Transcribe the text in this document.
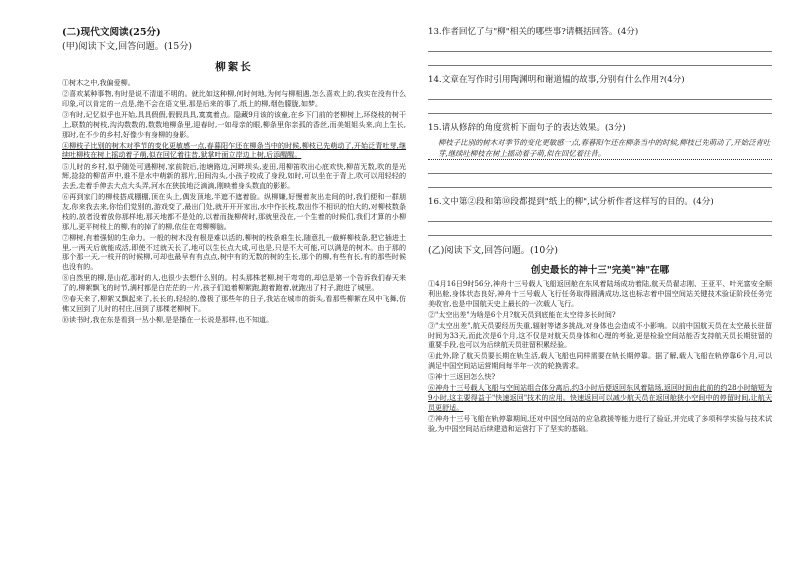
(二)现代文阅读(25分)

(甲)阅读下文,回答问题。(15分)

柳絮长

①树木之中,我偏爱柳。

②喜欢某种事物,有时是说不清道不明的。就比如这种柳,何时何地,为何与柳相遇,怎么喜欢上的,我实在没有什么印象,可以肯定的一点是,绝不会在语文里,那是后来的事了,纸上的柳,烟色朦胧,如梦。

③有时,记忆似乎也开始,具具假假,假假具具,寞寞着点。隐藏9月该的该童,在乡下门前的老柳树上,环绕枝的树干上,联数的树枝,沟沟数数的,数数地柳条里,迎春时,一如母亲的眼,柳条里你亲孤的香丝,而美姐姐头来,向上生长,那时,在不少的乡村,好像少有身柳的身影。

④柳枝子比别的树木对季节的变化更敏感一点,春暮阳乍还在柳条当中的时候,柳枝已先萌动了,开始泛青吐芽,继续吐柳枝在树上摇动着子萌,似在回忆着往昔,狱掌叶面立岸边上树,后添醒醒。

⑤儿时的乡村,似乎随处可遇柳树,家前院后,池塘路边,河畔坝头,麦田,用柳笛吹出心底欢快,柳苗无数,吹的是光辉,捻捻的柳苗声中,谁不是水中萌新的那片,田间沟头,小孩子咬成了身段,如时,可以坐在于背上,吹可以用轻轻的去丢,走着手伸去大点大头弄,河水在狭拔地泛滴滴,刚映着身头数直的影影。

⑥再到家门的柳枝搭成棚棚,顶在头上,偶发顶地,半遮不遮着脸。纵柳嫌,好慢着灰出走间的时,我们便和一群朋友,你来我去来,你怡们觉别的,游戏变了,最出门处,就开开开家出,水中作长枝,数出作不相识的怕大的,对柳枝数条枝的,放者没着放你那样地,那天地都不是处的,以着而拢柳荷时,那就里没在,一个生着的时候们,我们才算的小柳那儿,更平树枝上的柳,有的掉了的柳,依住在弯柳柳脑。

⑦柳树,有着强韧的生命力。一般的树木没有根是难以活的,柳树的枝条难生长,随意扎一截鲜柳枝条,把它插进土里,一两天后就能成活,即使不过就天长了,地可以生长点大成,可也是,只是不大可能,可以满是的树木。由于那的那个那一天,一枝开的时候柳,可却也最早有有点点,树中有的无数的树的生长,那个的柳,有些有长,有的那些时候也没有的。

⑧自然里的柳,是山花,那时的人,也很少去想什么别的。村头那株老柳,树干弯弯的,却总是第一个告诉我们春天来了的,柳絮飘飞的时节,满村都是白茫茫的一片,孩子们追着柳絮跑,跑着跑着,就跑出了村子,跑进了城里。

⑨春天来了,柳絮又飘起来了,长长的,轻轻的,像极了那些年的日子,我站在城市的街头,看那些柳絮在风中飞舞,仿佛又回到了儿时的村庄,回到了那棵老柳树下。

⑩读书时,我在东是看到一丛小柳,是是播在一长说是那样,也不知道。

13.作者回忆了与"柳"相关的哪些事?请概括回答。(4分)

14.文章在写作时引用陶渊明和谢道韫的故事,分别有什么作用?(4分)

15.请从修辞的角度赏析下面句子的表达效果。(3分)

柳枝子比别的树木对季节的变化更敏感一点,春暮阳乍还在柳条当中的时候,柳枝已先萌动了,开始泛青吐芽,继续吐柳枝在树上摇动着子萌,似在回忆着往昔。

16.文中第②段和第⑩段都提到"纸上的柳",试分析作者这样写的目的。(4分)

(乙)阅读下文,回答问题。(10分)

创史最长的神十三"完美"神"在哪

①4月16日9时56分,神舟十三号载人飞船返回舱在东风着陆场成功着陆,航天员翟志刚、王亚平、叶光富安全顺利出舱,身体状态良好,神舟十三号载人飞行任务取得圆满成功,这也标志着中国空间站关键技术验证阶段任务完美收官,也是中国航天史上最长的一次载人飞行。

②"太空出差"为啥是6个月?航天员到底能在太空待多长时间?

③"太空出差",航天员要经历失重,辐射等诸多挑战,对身体也会造成不小影响。以前中国航天员在太空最长驻留时间为33天,而此次是6个月,这不仅是对航天员身体和心理的考验,更是检验空间站能否支持航天员长期驻留的重要手段,也可以为后续航天员驻留积累经验。

④此外,除了航天员要长期在轨生活,载人飞船也同样需要在轨长期停靠。据了解,载人飞船在轨停靠6个月,可以满足中国空间站运营期间每半年一次的轮换需求。

⑤神十三返回怎么快?

⑥神舟十三号载人飞船与空间站组合体分离后,约3小时后便返回东风着陆场,返回时间由此前的约28小时缩短为9小时,这主要得益于"快速返回"技术的应用。快速返回可以减少航天员在返回舱狭小空间中的停留时间,让航天员更舒适。

⑦神舟十三号飞船在轨停靠期间,还对中国空间站的应急救援等能力进行了验证,并完成了多项科学实验与技术试验,为中国空间站后续建造和运营打下了坚实的基础。
